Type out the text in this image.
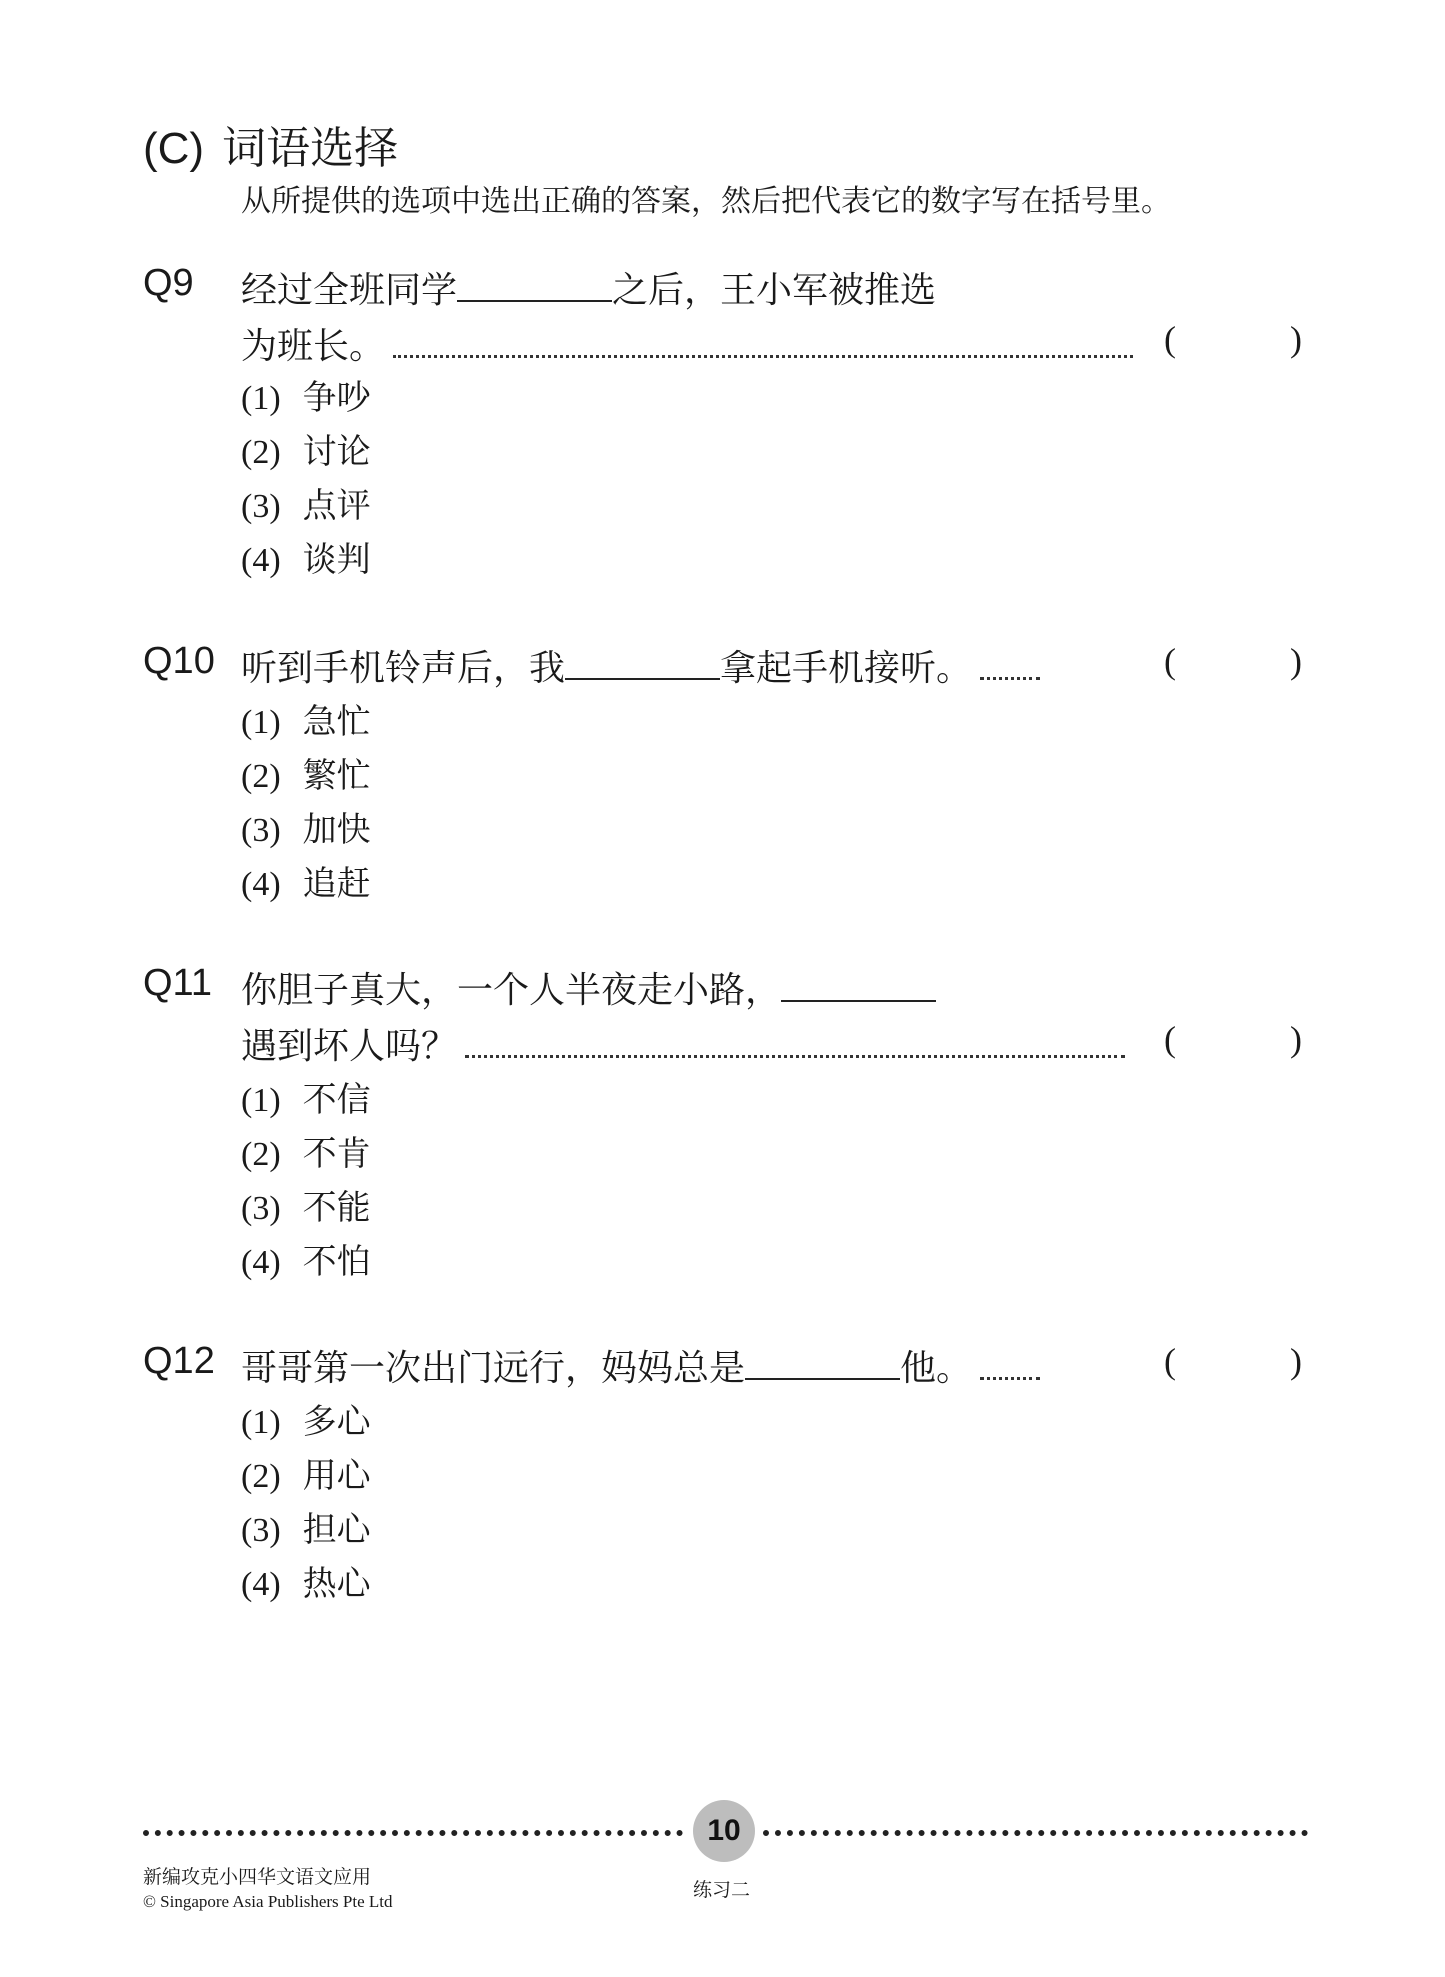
(C) 词语选择
从所提供的选项中选出正确的答案，然后把代表它的数字写在括号里。
Q9 经过全班同学	之后，王小军被推选
为班长。	(	)
(1) 争吵
(2) 讨论
(3) 点评
(4) 谈判
Q10 听到手机铃声后，我	拿起手机接听。	(	)
(1) 急忙
(2) 繁忙
(3) 加快
(4) 追赶
Q11 你胆子真大，一个人半夜走小路，
遇到坏人吗？	(	)
(1) 不信
(2) 不肯
(3) 不能
(4) 不怕
Q12 哥哥第一次出门远行，妈妈总是	他。	(	)
(1) 多心
(2) 用心
(3) 担心
(4) 热心
10
新编攻克小四华文语文应用
© Singapore Asia Publishers Pte Ltd
练习二
